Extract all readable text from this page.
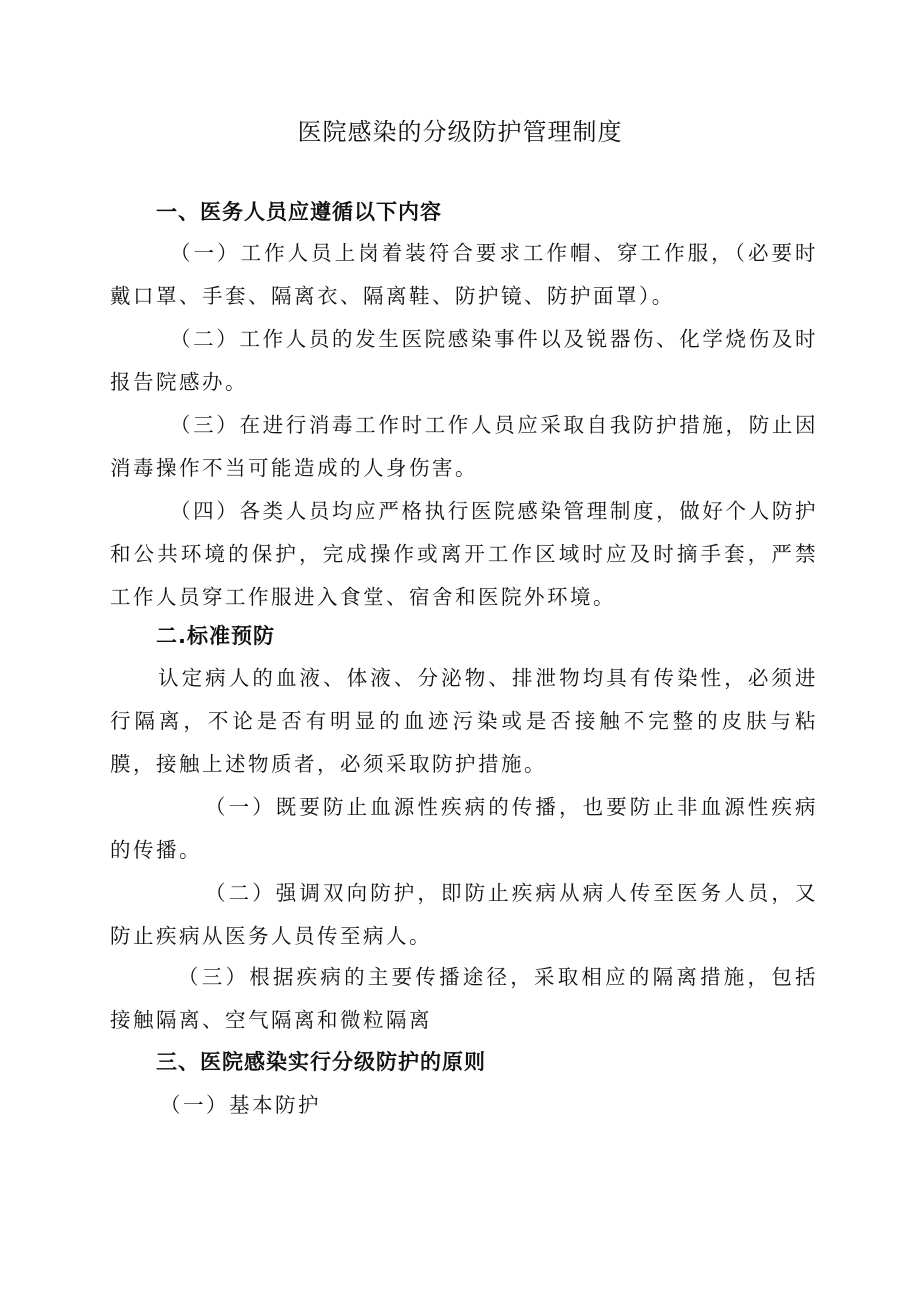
医院感染的分级防护管理制度
一、医务人员应遵循以下内容

（一）工作人员上岗着装符合要求工作帽、穿工作服，（必要时戴口罩、手套、隔离衣、隔离鞋、防护镜、防护面罩）。

（二）工作人员的发生医院感染事件以及锐器伤、化学烧伤及时报告院感办。

（三）在进行消毒工作时工作人员应采取自我防护措施，防止因消毒操作不当可能造成的人身伤害。

（四）各类人员均应严格执行医院感染管理制度，做好个人防护和公共环境的保护，完成操作或离开工作区域时应及时摘手套，严禁工作人员穿工作服进入食堂、宿舍和医院外环境。

二.标准预防

认定病人的血液、体液、分泌物、排泄物均具有传染性，必须进行隔离，不论是否有明显的血迹污染或是否接触不完整的皮肤与粘膜，接触上述物质者，必须采取防护措施。

（一）既要防止血源性疾病的传播，也要防止非血源性疾病的传播。

（二）强调双向防护，即防止疾病从病人传至医务人员，又防止疾病从医务人员传至病人。

（三）根据疾病的主要传播途径，采取相应的隔离措施，包括接触隔离、空气隔离和微粒隔离

三、医院感染实行分级防护的原则

（一）基本防护
